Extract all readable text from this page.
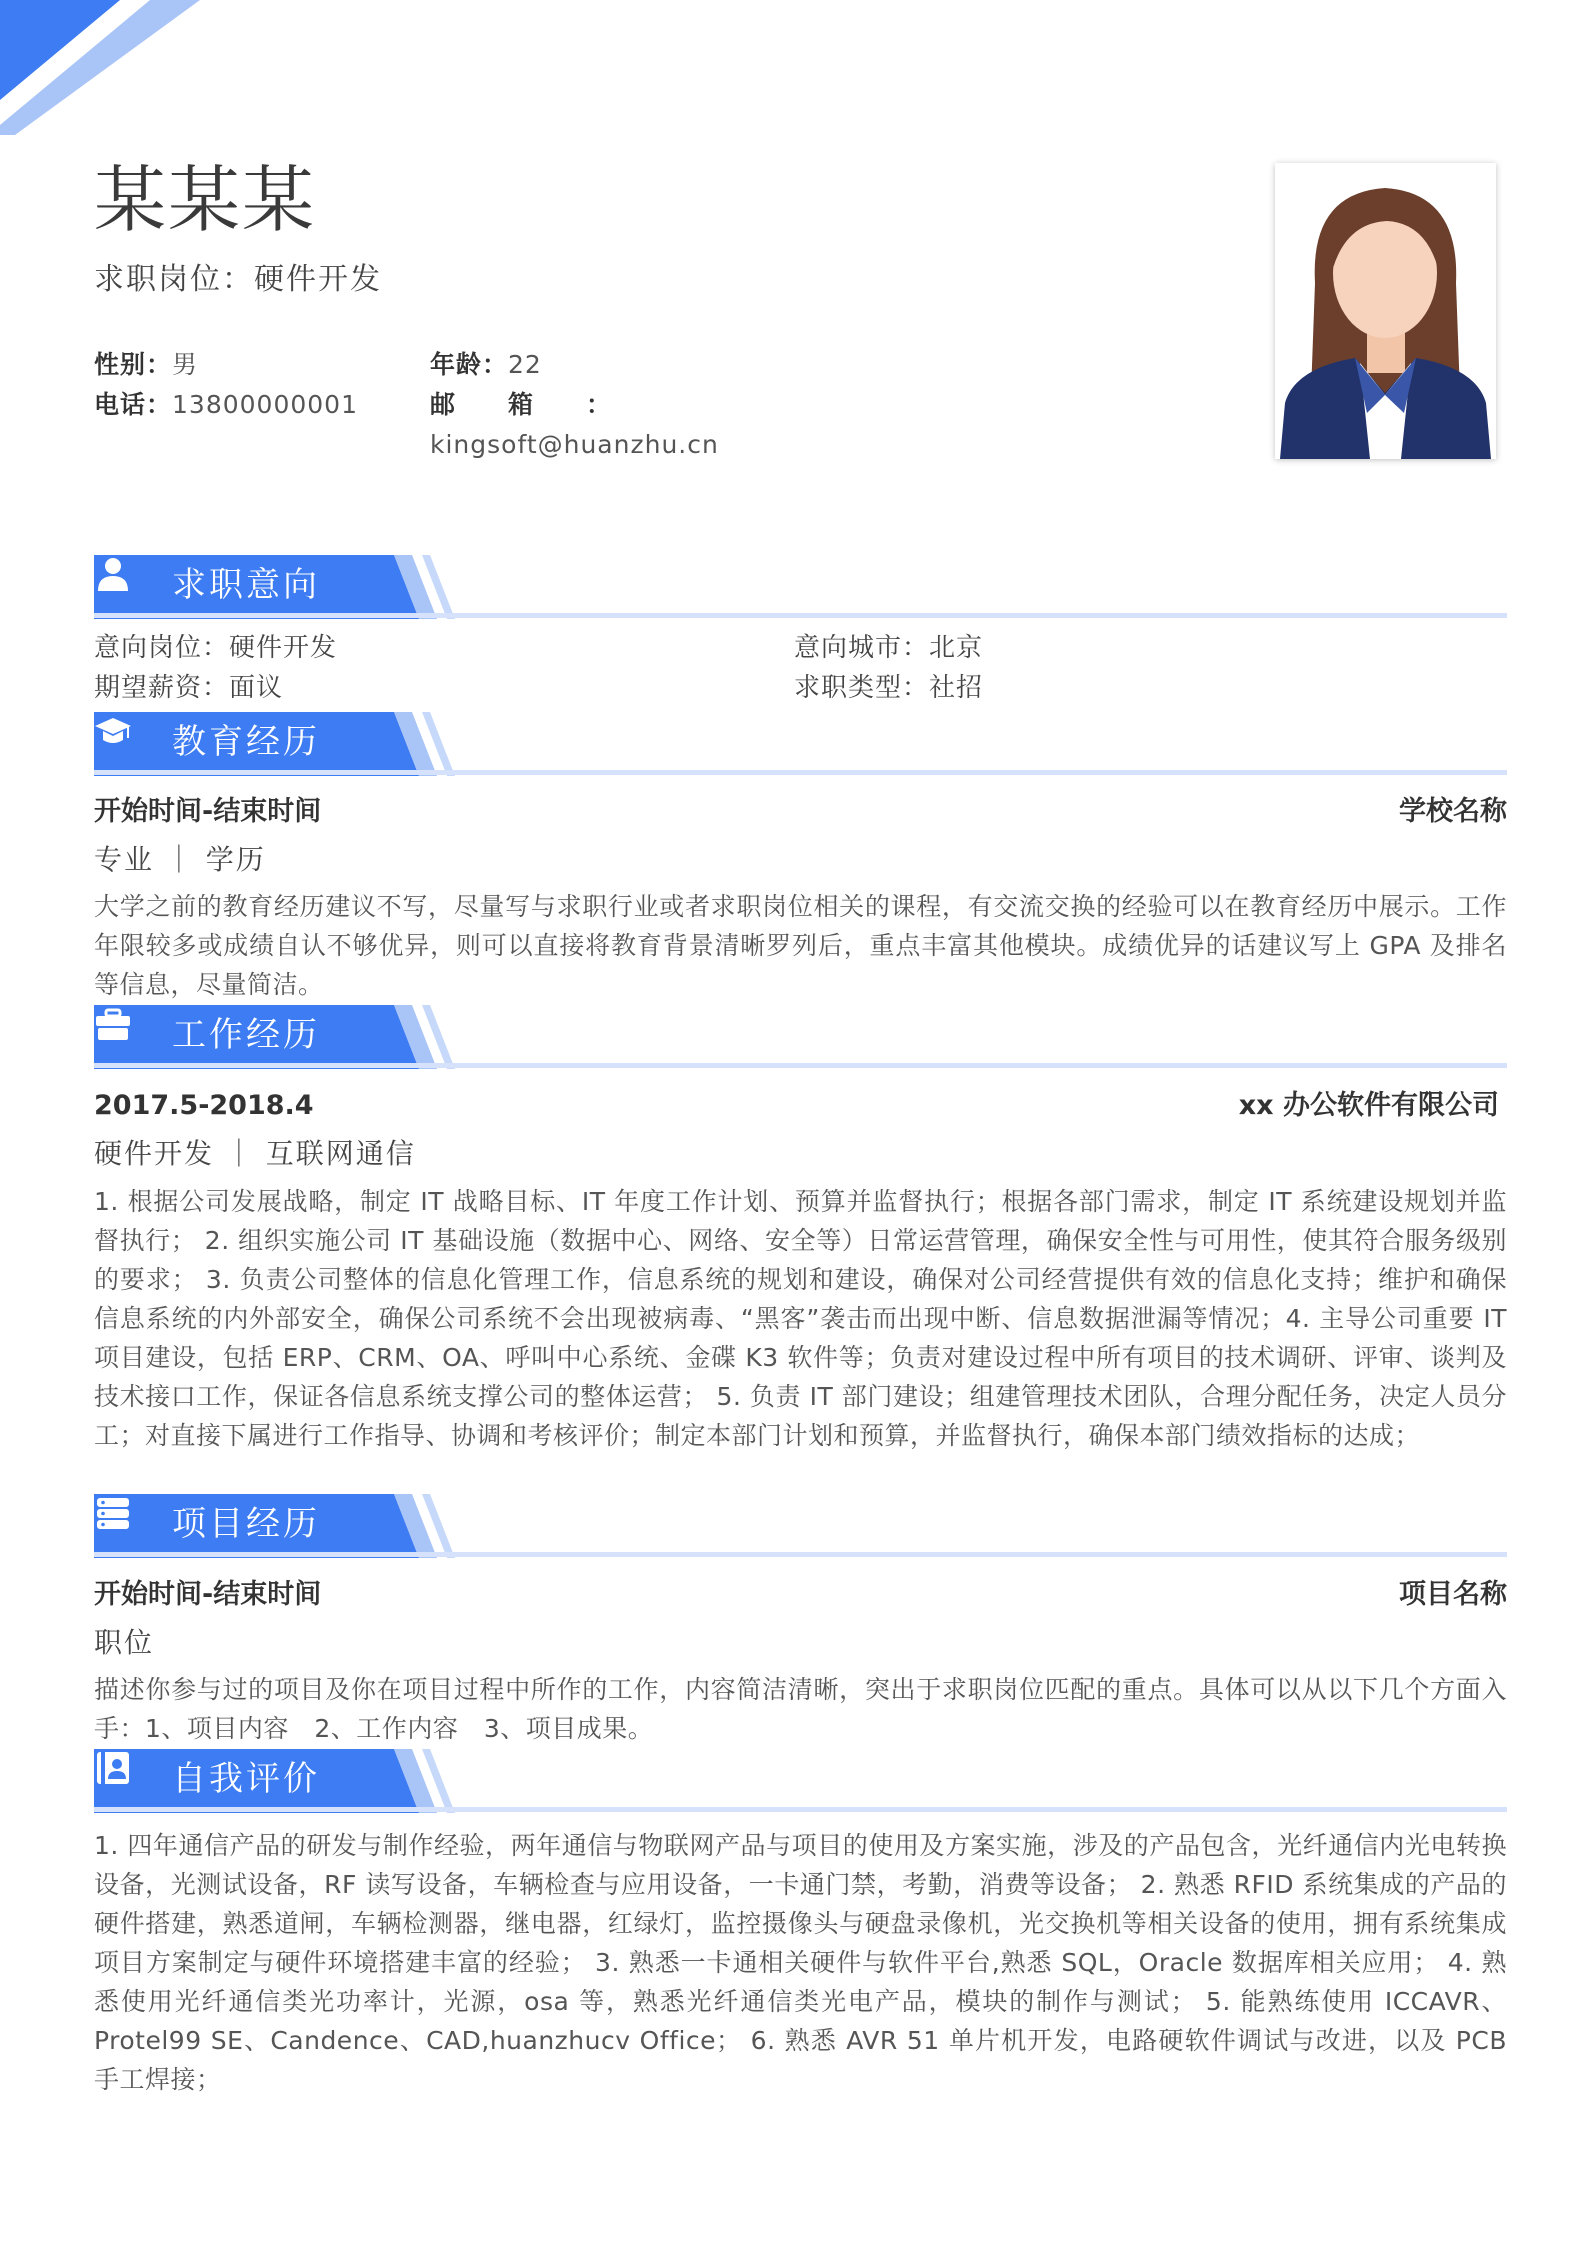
某某某
求职岗位：硬件开发
性别：男	年龄：22
电话：13800000001	邮　　箱　　：
kingsoft@huanzhu.cn
求职意向
意向岗位：硬件开发	意向城市：北京
期望薪资：面议	求职类型：社招
教育经历
开始时间-结束时间	学校名称
专业 ｜ 学历
大学之前的教育经历建议不写，尽量写与求职行业或者求职岗位相关的课程，有交流交换的经验可以在教育经历中展示。工作年限较多或成绩自认不够优异，则可以直接将教育背景清晰罗列后，重点丰富其他模块。成绩优异的话建议写上 GPA 及排名等信息，尽量简洁。
工作经历
2017.5-2018.4	xx 办公软件有限公司
硬件开发 ｜ 互联网通信
1. 根据公司发展战略，制定 IT 战略目标、IT 年度工作计划、预算并监督执行；根据各部门需求，制定 IT 系统建设规划并监督执行； 2. 组织实施公司 IT 基础设施（数据中心、网络、安全等）日常运营管理，确保安全性与可用性，使其符合服务级别的要求； 3. 负责公司整体的信息化管理工作，信息系统的规划和建设，确保对公司经营提供有效的信息化支持；维护和确保信息系统的内外部安全，确保公司系统不会出现被病毒、“黑客”袭击而出现中断、信息数据泄漏等情况；4. 主导公司重要 IT 项目建设，包括 ERP、CRM、OA、呼叫中心系统、金碟 K3 软件等；负责对建设过程中所有项目的技术调研、评审、谈判及技术接口工作，保证各信息系统支撑公司的整体运营； 5. 负责 IT 部门建设；组建管理技术团队，合理分配任务，决定人员分工；对直接下属进行工作指导、协调和考核评价；制定本部门计划和预算，并监督执行，确保本部门绩效指标的达成；
项目经历
开始时间-结束时间	项目名称
职位
描述你参与过的项目及你在项目过程中所作的工作，内容简洁清晰，突出于求职岗位匹配的重点。具体可以从以下几个方面入手：1、项目内容　2、工作内容　3、项目成果。
自我评价
1. 四年通信产品的研发与制作经验，两年通信与物联网产品与项目的使用及方案实施，涉及的产品包含，光纤通信内光电转换设备，光测试设备，RF 读写设备，车辆检查与应用设备，一卡通门禁，考勤，消费等设备； 2. 熟悉 RFID 系统集成的产品的硬件搭建，熟悉道闸，车辆检测器，继电器，红绿灯，监控摄像头与硬盘录像机，光交换机等相关设备的使用，拥有系统集成项目方案制定与硬件环境搭建丰富的经验； 3. 熟悉一卡通相关硬件与软件平台,熟悉 SQL，Oracle 数据库相关应用； 4. 熟悉使用光纤通信类光功率计，光源，osa 等，熟悉光纤通信类光电产品，模块的制作与测试； 5. 能熟练使用 ICCAVR、Protel99 SE、Candence、CAD,huanzhucv Office； 6. 熟悉 AVR 51 单片机开发，电路硬软件调试与改进，以及 PCB 手工焊接；
